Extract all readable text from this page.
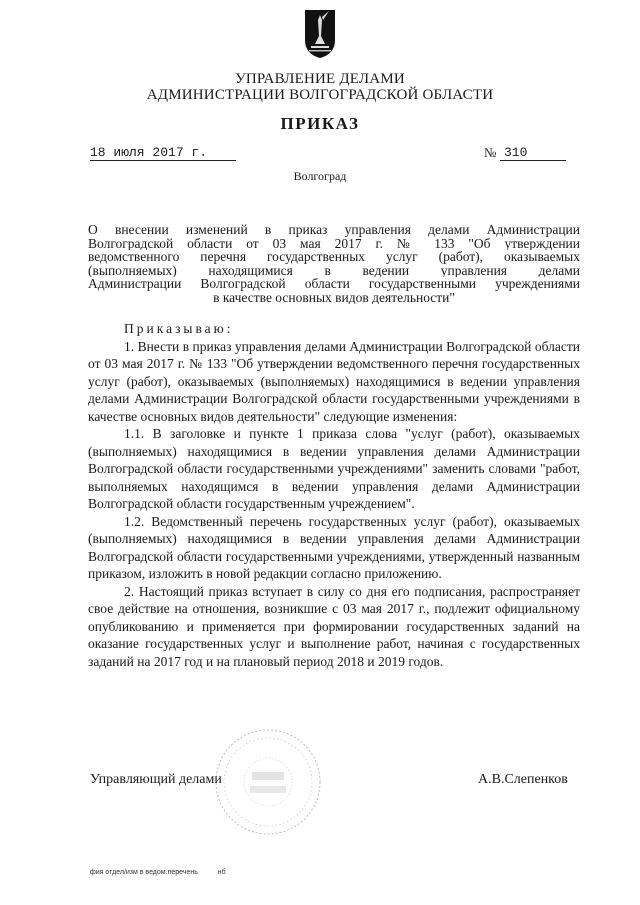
УПРАВЛЕНИЕ ДЕЛАМИ
АДМИНИСТРАЦИИ ВОЛГОГРАДСКОЙ ОБЛАСТИ
ПРИКАЗ
18 июля 2017 г.	№ 310
Волгоград
О внесении изменений в приказ управления делами Администрации
Волгоградской области от 03 мая 2017 г. № 133 "Об утверждении
ведомственного перечня государственных услуг (работ), оказываемых
(выполняемых) находящимися в ведении управления делами
Администрации Волгоградской области государственными учреждениями
в качестве основных видов деятельности"

Приказываю:

1. Внести в приказ управления делами Администрации Волгоградской области от 03 мая 2017 г. № 133 "Об утверждении ведомственного перечня государственных услуг (работ), оказываемых (выполняемых) находящимися в ведении управления делами Администрации Волгоградской области государственными учреждениями в качестве основных видов деятельности" следующие изменения:

1.1. В заголовке и пункте 1 приказа слова "услуг (работ), оказываемых (выполняемых) находящимися в ведении управления делами Администрации Волгоградской области государственными учреждениями" заменить словами "работ, выполняемых находящимся в ведении управления делами Администрации Волгоградской области государственным учреждением".

1.2. Ведомственный перечень государственных услуг (работ), оказываемых (выполняемых) находящимися в ведении управления делами Администрации Волгоградской области государственными учреждениями, утвержденный названным приказом, изложить в новой редакции согласно приложению.

2. Настоящий приказ вступает в силу со дня его подписания, распространяет свое действие на отношения, возникшие с 03 мая 2017 г., подлежит официальному опубликованию и применяется при формировании государственных заданий на оказание государственных услуг и выполнение работ, начиная с государственных заданий на 2017 год и на плановый период 2018 и 2019 годов.

Управляющий делами	А.В.Слепенков
фия отдел/изм в ведом.перечень	нб
